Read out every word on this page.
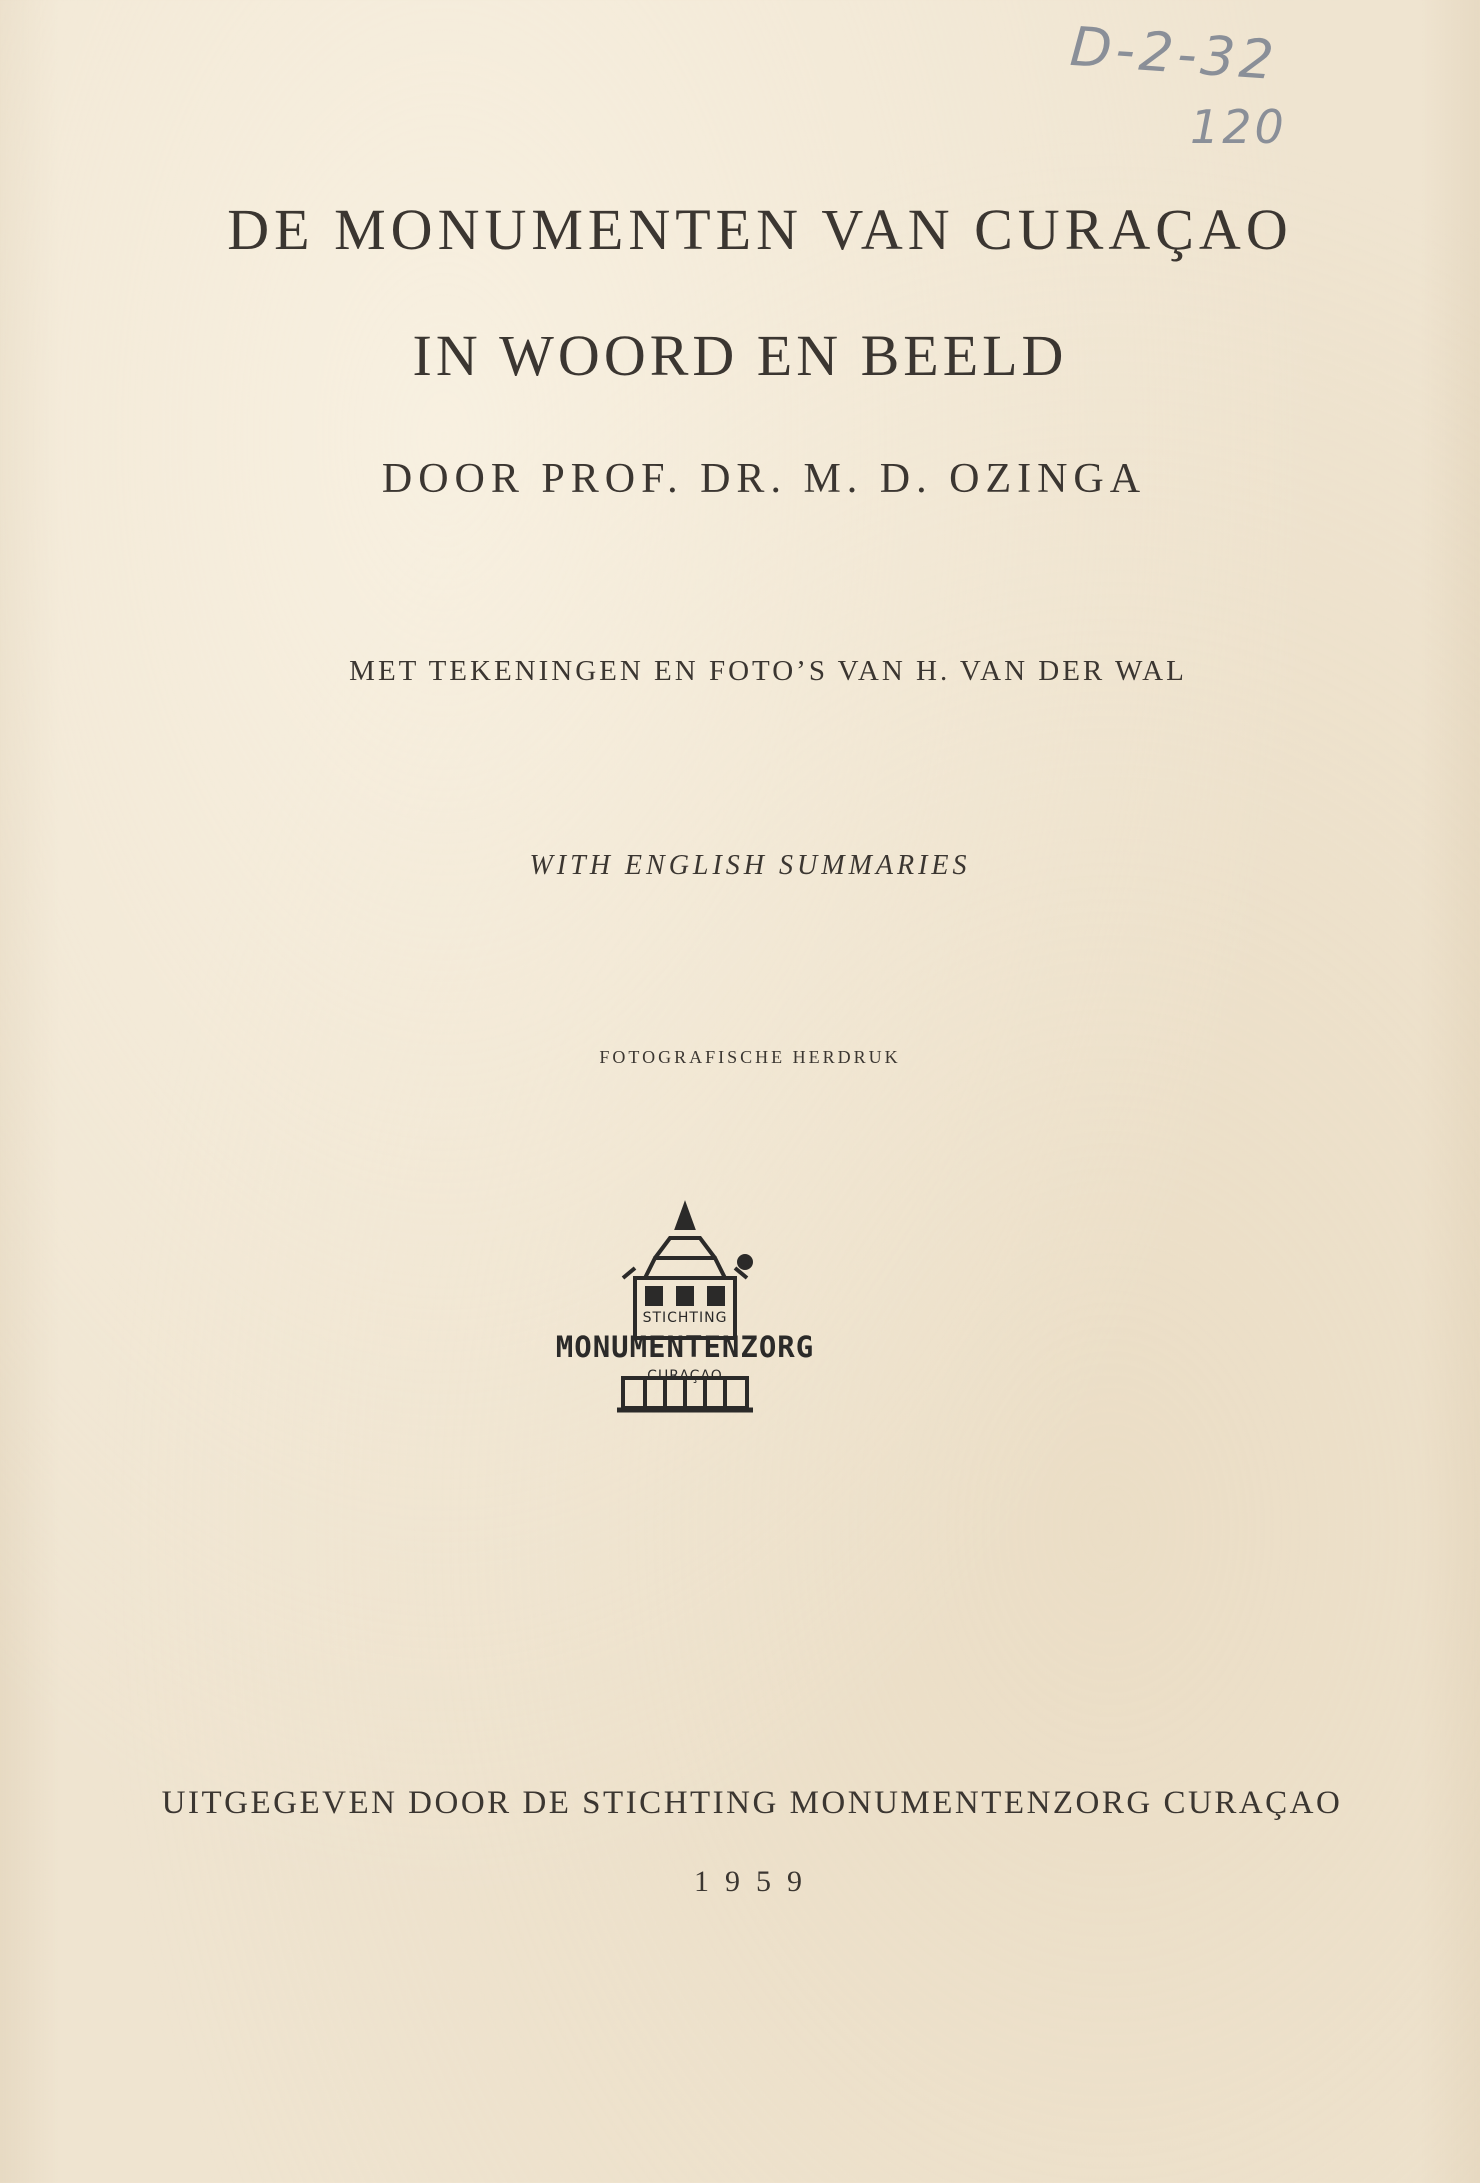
D-2-32
120
DE MONUMENTEN VAN CURAÇAO
IN WOORD EN BEELD
DOOR PROF. DR. M. D. OZINGA
MET TEKENINGEN EN FOTO’S VAN H. VAN DER WAL
WITH ENGLISH SUMMARIES
FOTOGRAFISCHE HERDRUK
STICHTING
MONUMENTENZORG
CURAÇAO
UITGEGEVEN DOOR DE STICHTING MONUMENTENZORG CURAÇAO
1959
